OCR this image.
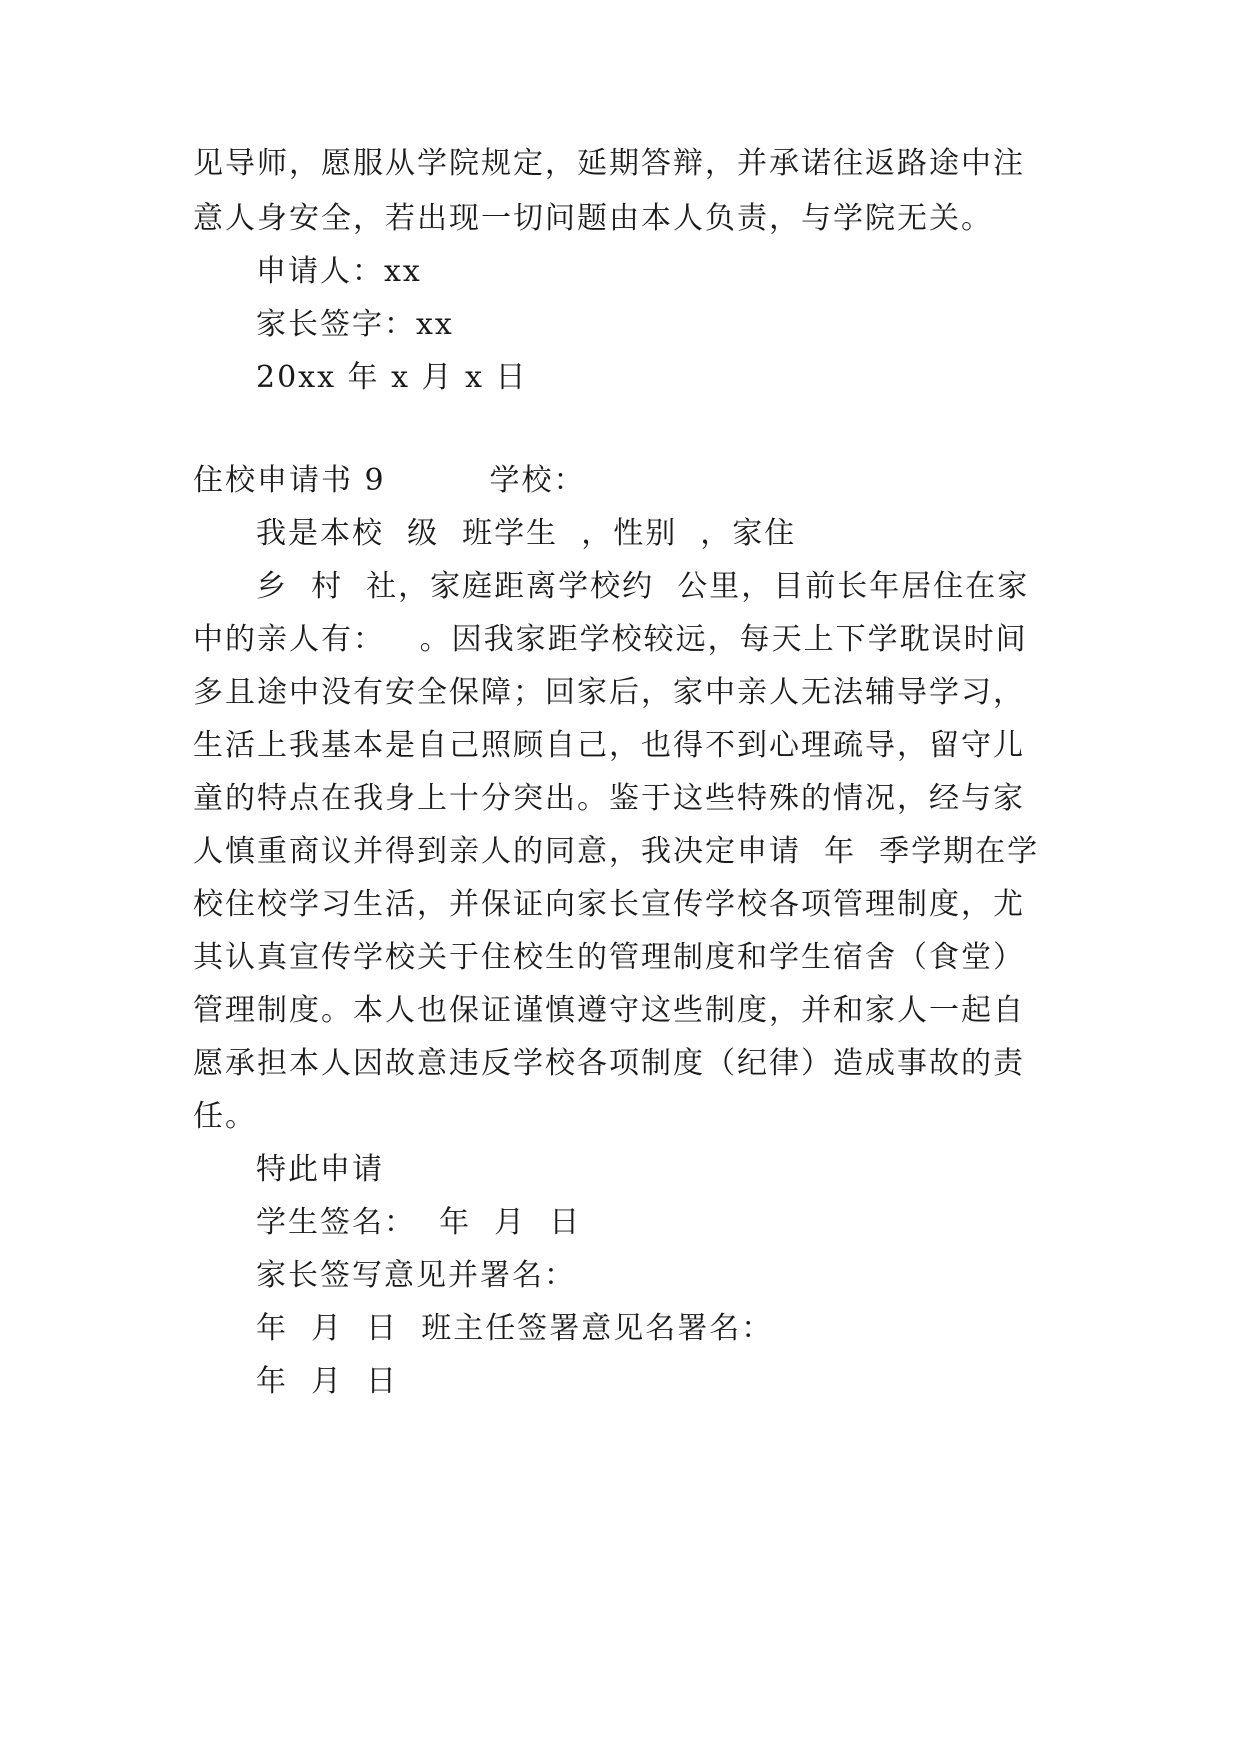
见导师，愿服从学院规定，延期答辩，并承诺往返路途中注
意人身安全，若出现一切问题由本人负责，与学院无关。
申请人：xx
家长签字：xx
20xx 年 x 月 x 日
住校申请书 9         学校：
我是本校  级  班学生  ，性别  ，家住
乡  村  社，家庭距离学校约  公里，目前长年居住在家
中的亲人有：   。因我家距学校较远，每天上下学耽误时间
多且途中没有安全保障；回家后，家中亲人无法辅导学习，
生活上我基本是自己照顾自己，也得不到心理疏导，留守儿
童的特点在我身上十分突出。鉴于这些特殊的情况，经与家
人慎重商议并得到亲人的同意，我决定申请  年  季学期在学
校住校学习生活，并保证向家长宣传学校各项管理制度，尤
其认真宣传学校关于住校生的管理制度和学生宿舍（食堂）
管理制度。本人也保证谨慎遵守这些制度，并和家人一起自
愿承担本人因故意违反学校各项制度（纪律）造成事故的责
任。
特此申请
学生签名：  年  月  日
家长签写意见并署名：
年  月  日  班主任签署意见名署名：
年  月  日
